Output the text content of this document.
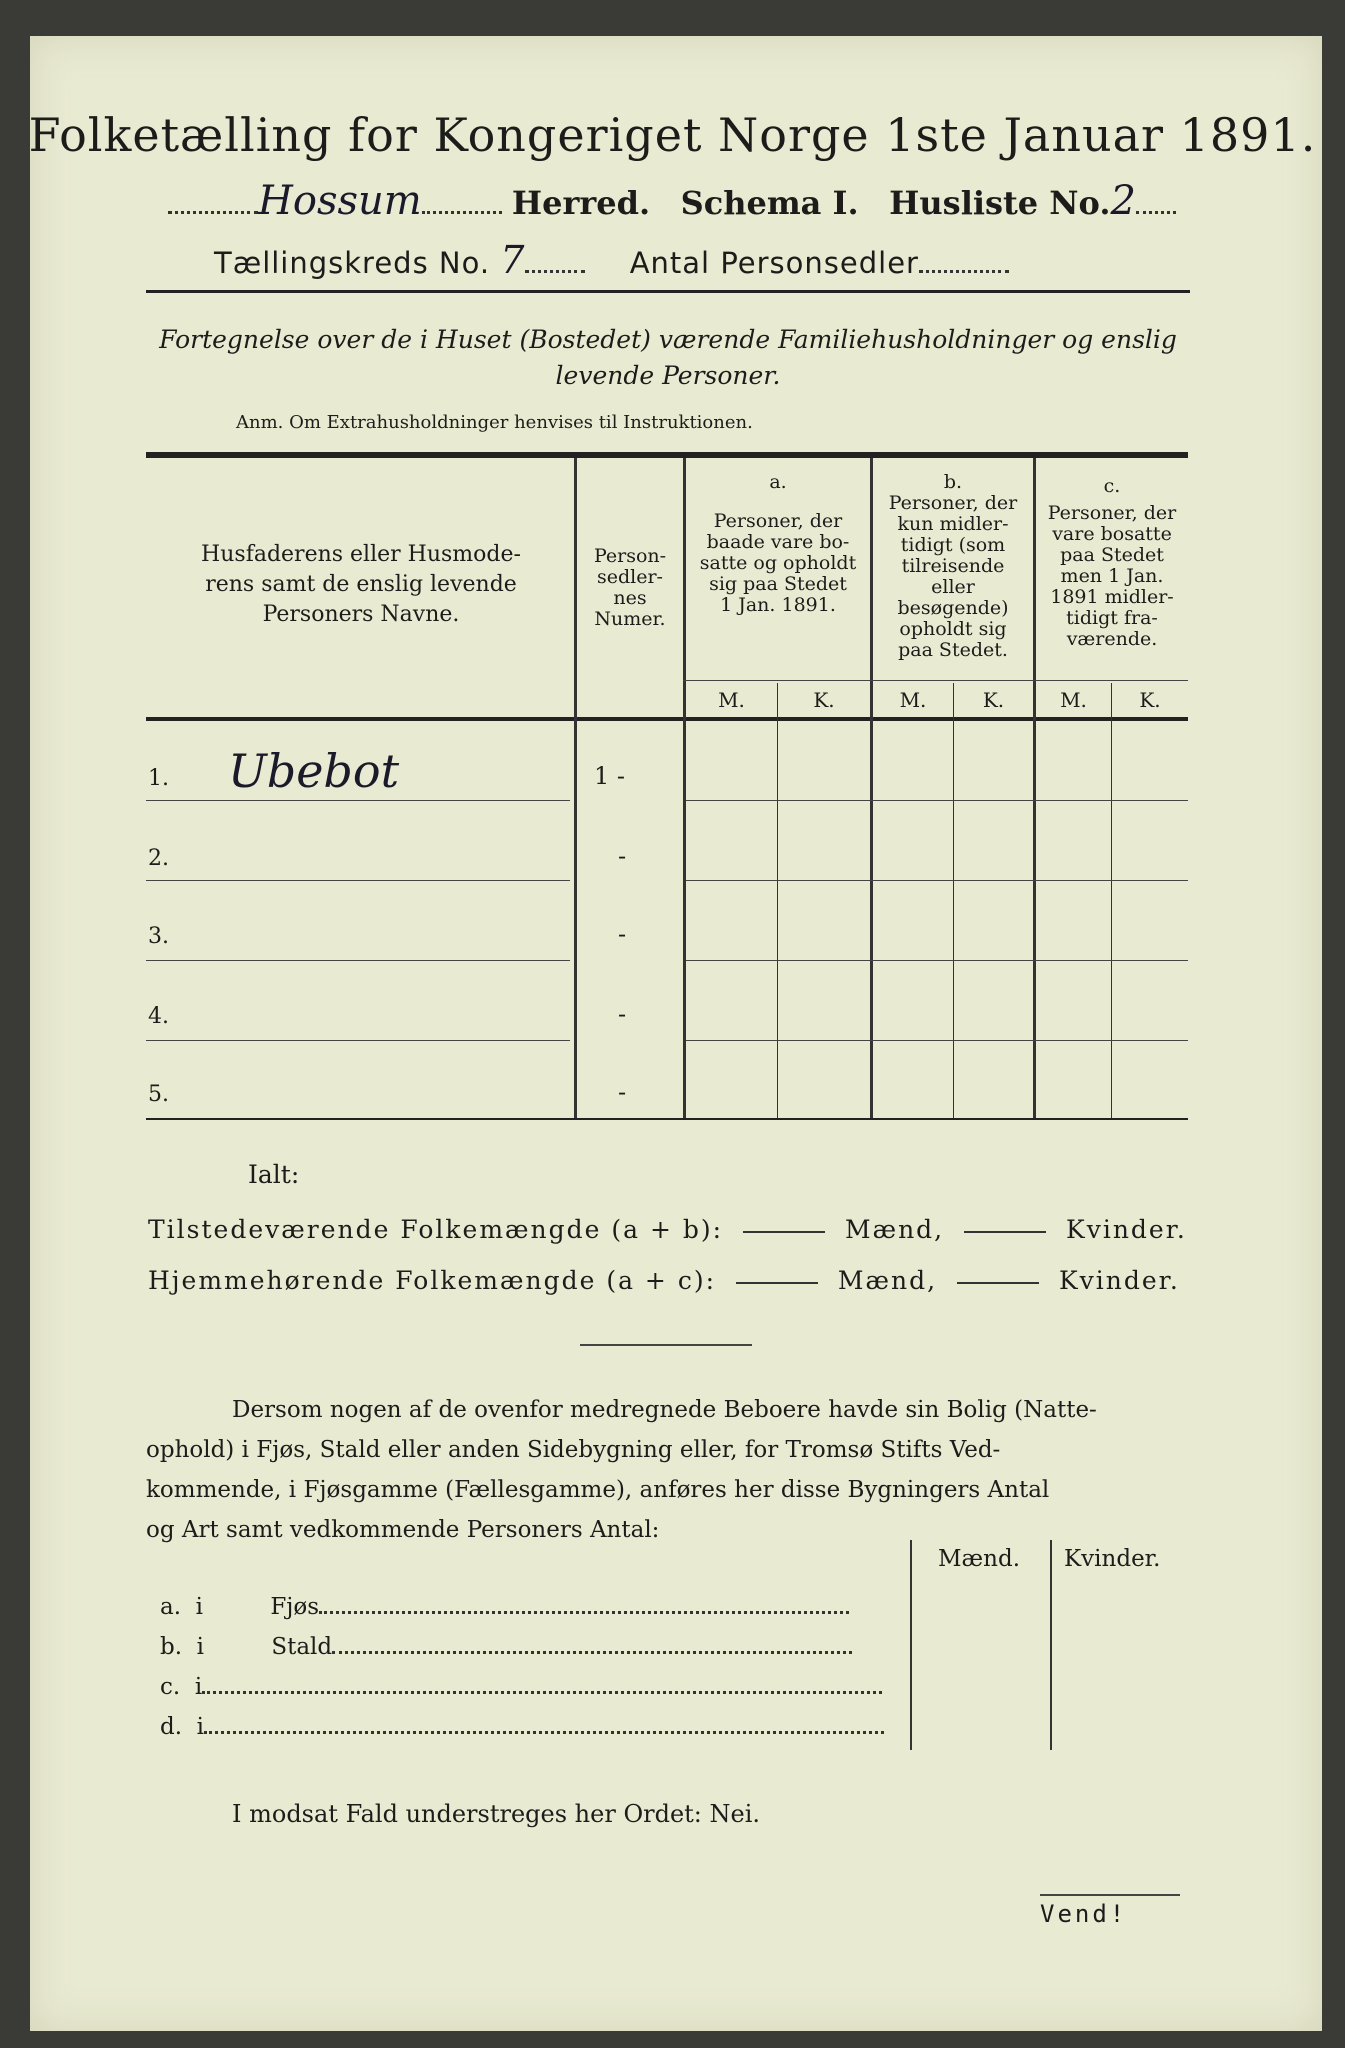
Folketælling for Kongeriget Norge 1ste Januar 1891.
Hossum	Herred. Schema I. Husliste No.2
Tællingskreds No. 7	Antal Personsedler
Fortegnelse over de i Huset (Bostedet) værende Familiehusholdninger og enslig
levende Personer.
Anm. Om Extrahusholdninger henvises til Instruktionen.
Husfaderens eller Husmode-
rens samt de enslig levende
Personers Navne.
Person-
sedler-
nes
Numer.
a.
Personer, der
baade vare bo-
satte og opholdt
sig paa Stedet
1 Jan. 1891.
b.
Personer, der
kun midler-
tidigt (som
tilreisende
eller
besøgende)
opholdt sig
paa Stedet.
c.
Personer, der
vare bosatte
paa Stedet
men 1 Jan.
1891 midler-
tidigt fra-
værende.
M.	K.	M.	K.	M.	K.
1. Ubebot	1 -
2.	-
3.	-
4.	-
5.	-
Ialt:
Tilstedeværende Folkemængde (a + b):	Mænd,	Kvinder.
Hjemmehørende Folkemængde (a + c):	Mænd,	Kvinder.
Dersom nogen af de ovenfor medregnede Beboere havde sin Bolig (Natte-
ophold) i Fjøs, Stald eller anden Sidebygning eller, for Tromsø Stifts Ved-
kommende, i Fjøsgamme (Fællesgamme), anføres her disse Bygningers Antal
og Art samt vedkommende Personers Antal:
Mænd. Kvinder.
a. i	Fjøs
b. i	Stald
c. i
d. i
I modsat Fald understreges her Ordet: Nei.
Vend!
